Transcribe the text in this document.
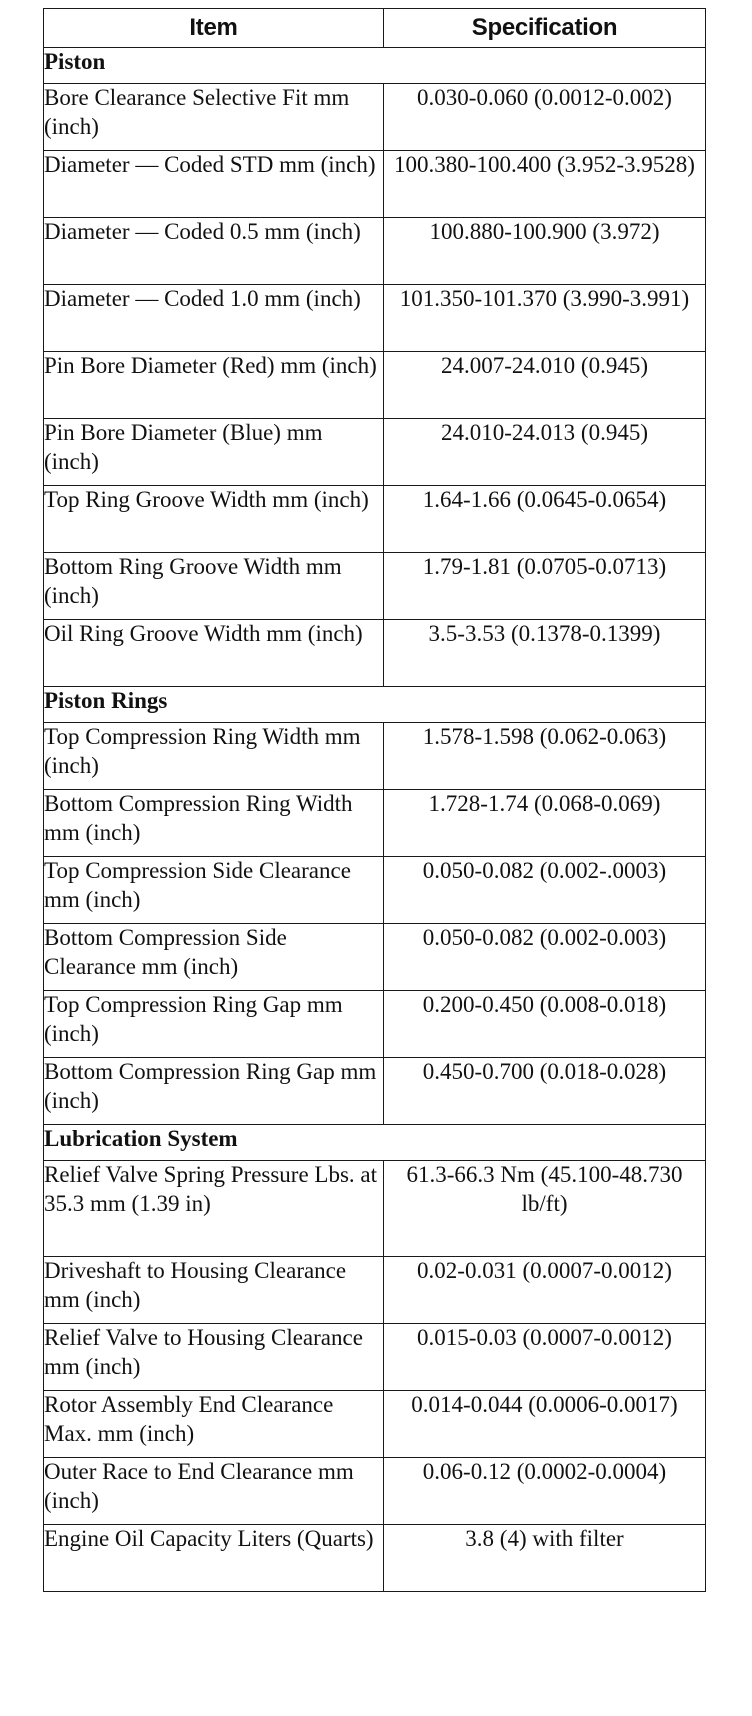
Item	Specification
Piston	
Bore Clearance Selective Fit mm (inch)	0.030-0.060 (0.0012-0.002)
Diameter — Coded STD mm (inch)	100.380-100.400 (3.952-3.9528)
Diameter — Coded 0.5 mm (inch)	100.880-100.900 (3.972)
Diameter — Coded 1.0 mm (inch)	101.350-101.370 (3.990-3.991)
Pin Bore Diameter (Red) mm (inch)	24.007-24.010 (0.945)
Pin Bore Diameter (Blue) mm (inch)	24.010-24.013 (0.945)
Top Ring Groove Width mm (inch)	1.64-1.66 (0.0645-0.0654)
Bottom Ring Groove Width mm (inch)	1.79-1.81 (0.0705-0.0713)
Oil Ring Groove Width mm (inch)	3.5-3.53 (0.1378-0.1399)
Piston Rings	
Top Compression Ring Width mm (inch)	1.578-1.598 (0.062-0.063)
Bottom Compression Ring Width mm (inch)	1.728-1.74 (0.068-0.069)
Top Compression Side Clearance mm (inch)	0.050-0.082 (0.002-.0003)
Bottom Compression Side Clearance mm (inch)	0.050-0.082 (0.002-0.003)
Top Compression Ring Gap mm (inch)	0.200-0.450 (0.008-0.018)
Bottom Compression Ring Gap mm (inch)	0.450-0.700 (0.018-0.028)
Lubrication System	
Relief Valve Spring Pressure Lbs. at 35.3 mm (1.39 in)	61.3-66.3 Nm (45.100-48.730 lb/ft)
Driveshaft to Housing Clearance mm (inch)	0.02-0.031 (0.0007-0.0012)
Relief Valve to Housing Clearance mm (inch)	0.015-0.03 (0.0007-0.0012)
Rotor Assembly End Clearance Max. mm (inch)	0.014-0.044 (0.0006-0.0017)
Outer Race to End Clearance mm (inch)	0.06-0.12 (0.0002-0.0004)
Engine Oil Capacity Liters (Quarts)	3.8 (4) with filter
